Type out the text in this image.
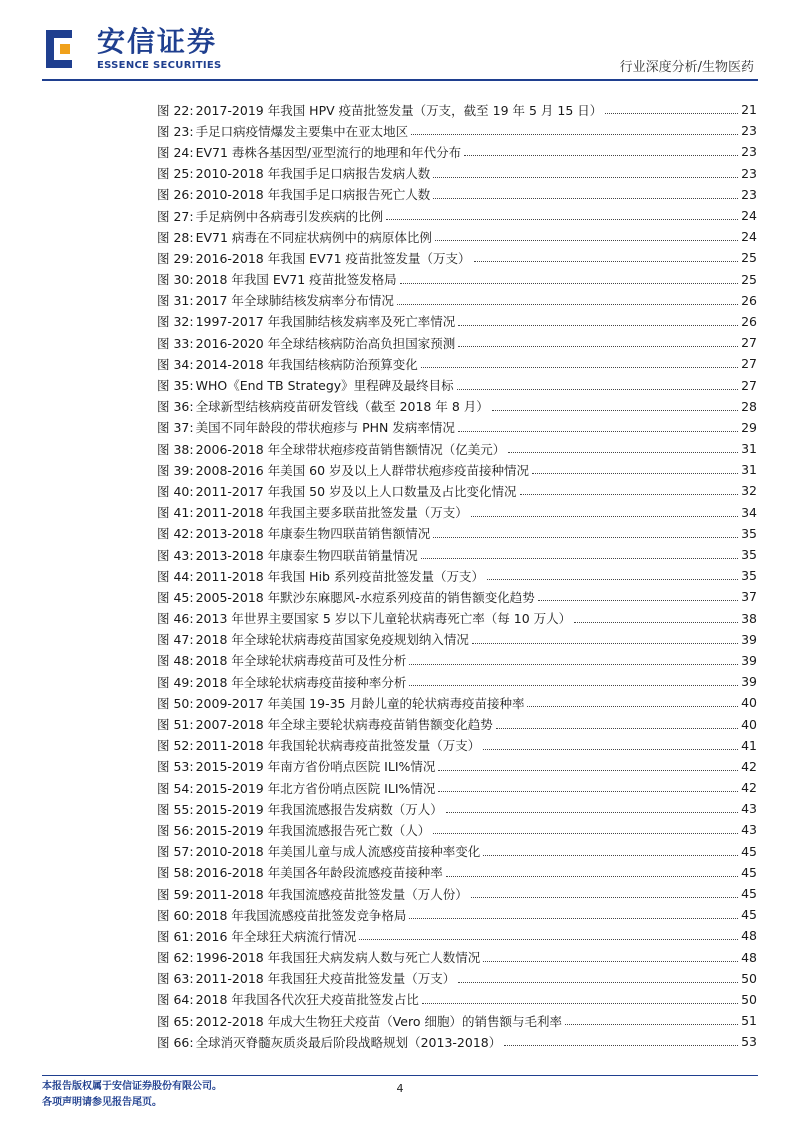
安信证券
ESSENCE SECURITIES	行业深度分析/生物医药
图 22: 2017-2019 年我国 HPV 疫苗批签发量（万支，截至 19 年 5 月 15 日）	21
图 23: 手足口病疫情爆发主要集中在亚太地区	23
图 24: EV71 毒株各基因型/亚型流行的地理和年代分布	23
图 25: 2010-2018 年我国手足口病报告发病人数	23
图 26: 2010-2018 年我国手足口病报告死亡人数	23
图 27: 手足病例中各病毒引发疾病的比例	24
图 28: EV71 病毒在不同症状病例中的病原体比例	24
图 29: 2016-2018 年我国 EV71 疫苗批签发量（万支）	25
图 30: 2018 年我国 EV71 疫苗批签发格局	25
图 31: 2017 年全球肺结核发病率分布情况	26
图 32: 1997-2017 年我国肺结核发病率及死亡率情况	26
图 33: 2016-2020 年全球结核病防治高负担国家预测	27
图 34: 2014-2018 年我国结核病防治预算变化	27
图 35: WHO《End TB Strategy》里程碑及最终目标	27
图 36: 全球新型结核病疫苗研发管线（截至 2018 年 8 月）	28
图 37: 美国不同年龄段的带状疱疹与 PHN 发病率情况	29
图 38: 2006-2018 年全球带状疱疹疫苗销售额情况（亿美元）	31
图 39: 2008-2016 年美国 60 岁及以上人群带状疱疹疫苗接种情况	31
图 40: 2011-2017 年我国 50 岁及以上人口数量及占比变化情况	32
图 41: 2011-2018 年我国主要多联苗批签发量（万支）	34
图 42: 2013-2018 年康泰生物四联苗销售额情况	35
图 43: 2013-2018 年康泰生物四联苗销量情况	35
图 44: 2011-2018 年我国 Hib 系列疫苗批签发量（万支）	35
图 45: 2005-2018 年默沙东麻腮风-水痘系列疫苗的销售额变化趋势	37
图 46: 2013 年世界主要国家 5 岁以下儿童轮状病毒死亡率（每 10 万人）	38
图 47: 2018 年全球轮状病毒疫苗国家免疫规划纳入情况	39
图 48: 2018 年全球轮状病毒疫苗可及性分析	39
图 49: 2018 年全球轮状病毒疫苗接种率分析	39
图 50: 2009-2017 年美国 19-35 月龄儿童的轮状病毒疫苗接种率	40
图 51: 2007-2018 年全球主要轮状病毒疫苗销售额变化趋势	40
图 52: 2011-2018 年我国轮状病毒疫苗批签发量（万支）	41
图 53: 2015-2019 年南方省份哨点医院 ILI%情况	42
图 54: 2015-2019 年北方省份哨点医院 ILI%情况	42
图 55: 2015-2019 年我国流感报告发病数（万人）	43
图 56: 2015-2019 年我国流感报告死亡数（人）	43
图 57: 2010-2018 年美国儿童与成人流感疫苗接种率变化	45
图 58: 2016-2018 年美国各年龄段流感疫苗接种率	45
图 59: 2011-2018 年我国流感疫苗批签发量（万人份）	45
图 60: 2018 年我国流感疫苗批签发竞争格局	45
图 61: 2016 年全球狂犬病流行情况	48
图 62: 1996-2018 年我国狂犬病发病人数与死亡人数情况	48
图 63: 2011-2018 年我国狂犬疫苗批签发量（万支）	50
图 64: 2018 年我国各代次狂犬疫苗批签发占比	50
图 65: 2012-2018 年成大生物狂犬疫苗（Vero 细胞）的销售额与毛利率	51
图 66: 全球消灭脊髓灰质炎最后阶段战略规划（2013-2018）	53
本报告版权属于安信证券股份有限公司。
各项声明请参见报告尾页。
4
